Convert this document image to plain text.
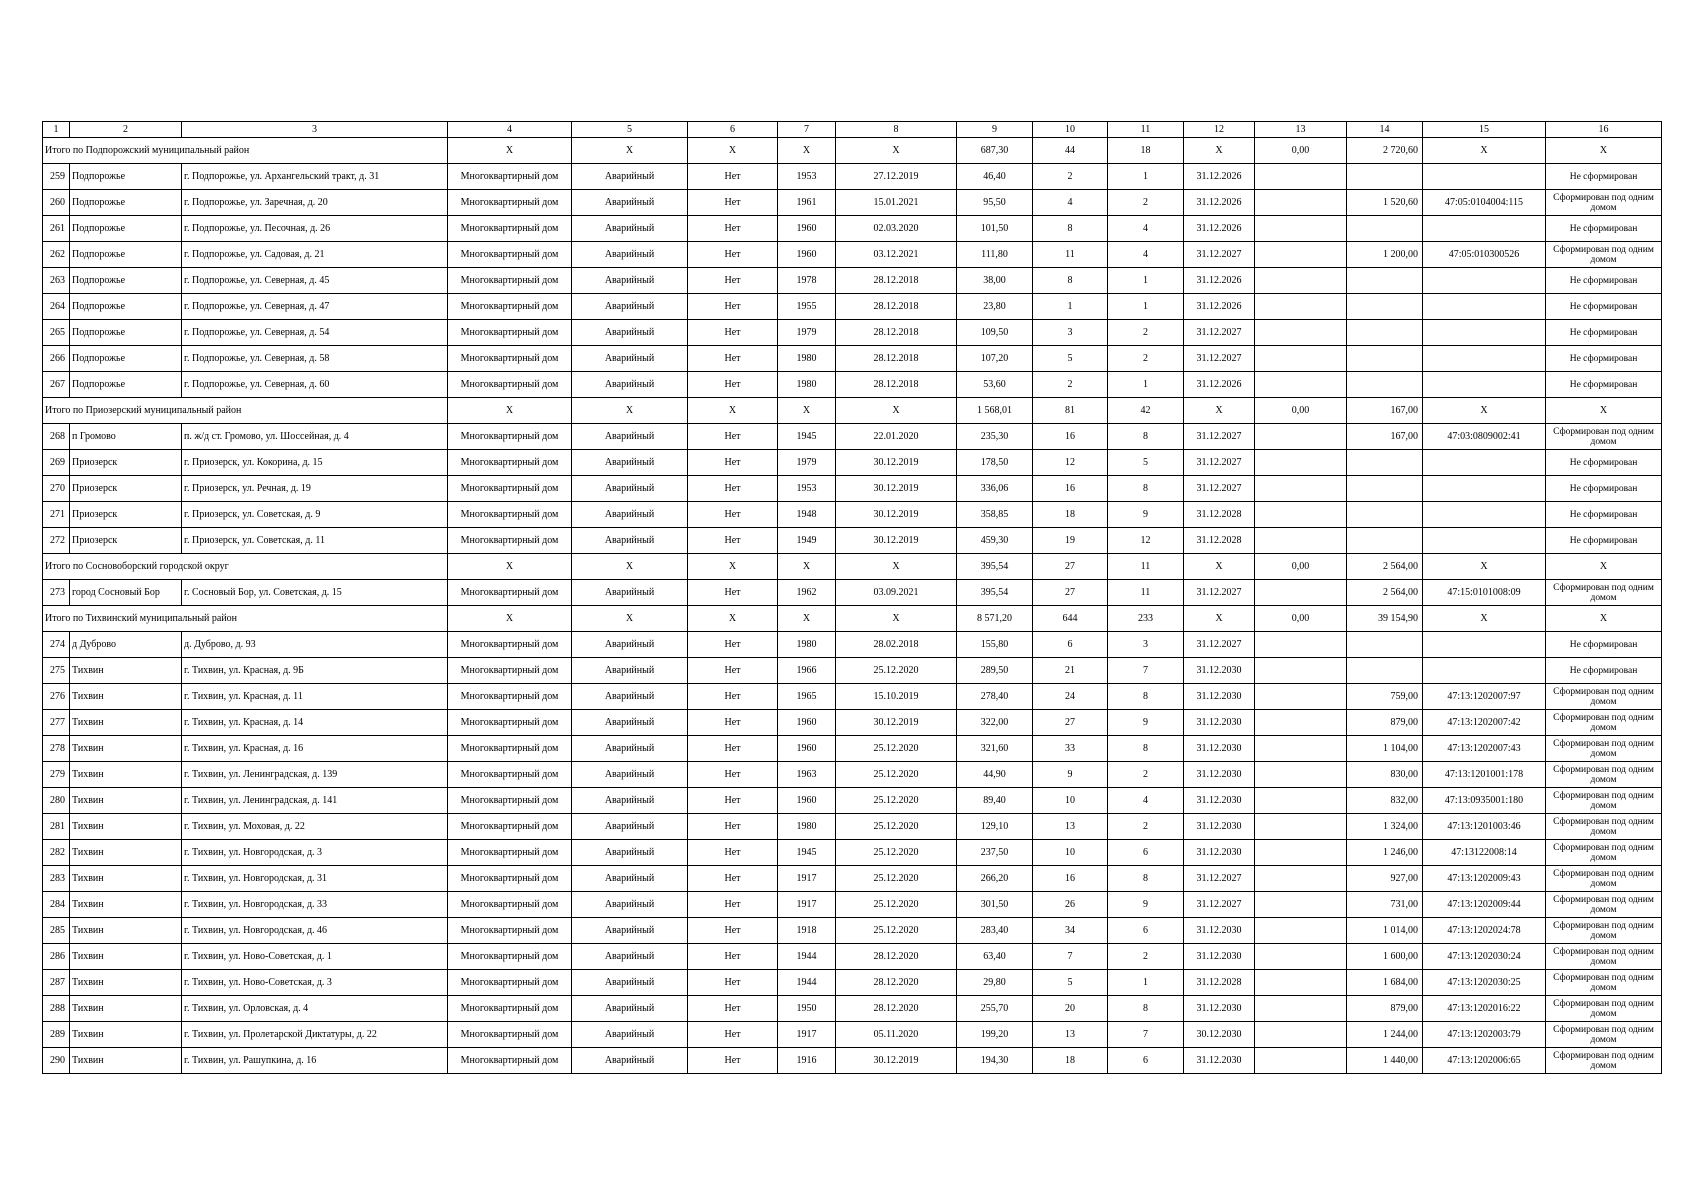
1	2	3	4	5	6	7	8	9	10	11	12	13	14	15	16
Итого по Подпорожский муниципальный район			X	X	X	X	X	687,30	44	18	X	0,00	2 720,60	X	X
259	Подпорожье	г. Подпорожье, ул. Архангельский тракт, д. 31	Многоквартирный дом	Аварийный	Нет	1953	27.12.2019	46,40	2	1	31.12.2026				Не сформирован
260	Подпорожье	г. Подпорожье, ул. Заречная, д. 20	Многоквартирный дом	Аварийный	Нет	1961	15.01.2021	95,50	4	2	31.12.2026		1 520,60	47:05:0104004:115	Сформирован под одним домом
261	Подпорожье	г. Подпорожье, ул. Песочная, д. 26	Многоквартирный дом	Аварийный	Нет	1960	02.03.2020	101,50	8	4	31.12.2026				Не сформирован
262	Подпорожье	г. Подпорожье, ул. Садовая, д. 21	Многоквартирный дом	Аварийный	Нет	1960	03.12.2021	111,80	11	4	31.12.2027		1 200,00	47:05:010300526	Сформирован под одним домом
263	Подпорожье	г. Подпорожье, ул. Северная, д. 45	Многоквартирный дом	Аварийный	Нет	1978	28.12.2018	38,00	8	1	31.12.2026				Не сформирован
264	Подпорожье	г. Подпорожье, ул. Северная, д. 47	Многоквартирный дом	Аварийный	Нет	1955	28.12.2018	23,80	1	1	31.12.2026				Не сформирован
265	Подпорожье	г. Подпорожье, ул. Северная, д. 54	Многоквартирный дом	Аварийный	Нет	1979	28.12.2018	109,50	3	2	31.12.2027				Не сформирован
266	Подпорожье	г. Подпорожье, ул. Северная, д. 58	Многоквартирный дом	Аварийный	Нет	1980	28.12.2018	107,20	5	2	31.12.2027				Не сформирован
267	Подпорожье	г. Подпорожье, ул. Северная, д. 60	Многоквартирный дом	Аварийный	Нет	1980	28.12.2018	53,60	2	1	31.12.2026				Не сформирован
Итого по Приозерский муниципальный район			X	X	X	X	X	1 568,01	81	42	X	0,00	167,00	X	X
268	п Громово	п. ж/д ст. Громово, ул. Шоссейная, д. 4	Многоквартирный дом	Аварийный	Нет	1945	22.01.2020	235,30	16	8	31.12.2027		167,00	47:03:0809002:41	Сформирован под одним домом
269	Приозерск	г. Приозерск, ул. Кокорина, д. 15	Многоквартирный дом	Аварийный	Нет	1979	30.12.2019	178,50	12	5	31.12.2027				Не сформирован
270	Приозерск	г. Приозерск, ул. Речная, д. 19	Многоквартирный дом	Аварийный	Нет	1953	30.12.2019	336,06	16	8	31.12.2027				Не сформирован
271	Приозерск	г. Приозерск, ул. Советская, д. 9	Многоквартирный дом	Аварийный	Нет	1948	30.12.2019	358,85	18	9	31.12.2028				Не сформирован
272	Приозерск	г. Приозерск, ул. Советская, д. 11	Многоквартирный дом	Аварийный	Нет	1949	30.12.2019	459,30	19	12	31.12.2028				Не сформирован
Итого по Сосновоборский городской округ			X	X	X	X	X	395,54	27	11	X	0,00	2 564,00	X	X
273	город Сосновый Бор	г. Сосновый Бор, ул. Советская, д. 15	Многоквартирный дом	Аварийный	Нет	1962	03.09.2021	395,54	27	11	31.12.2027		2 564,00	47:15:0101008:09	Сформирован под одним домом
Итого по Тихвинский муниципальный район			X	X	X	X	X	8 571,20	644	233	X	0,00	39 154,90	X	X
274	д Дуброво	д. Дуброво, д. 93	Многоквартирный дом	Аварийный	Нет	1980	28.02.2018	155,80	6	3	31.12.2027				Не сформирован
275	Тихвин	г. Тихвин, ул. Красная, д. 9Б	Многоквартирный дом	Аварийный	Нет	1966	25.12.2020	289,50	21	7	31.12.2030				Не сформирован
276	Тихвин	г. Тихвин, ул. Красная, д. 11	Многоквартирный дом	Аварийный	Нет	1965	15.10.2019	278,40	24	8	31.12.2030		759,00	47:13:1202007:97	Сформирован под одним домом
277	Тихвин	г. Тихвин, ул. Красная, д. 14	Многоквартирный дом	Аварийный	Нет	1960	30.12.2019	322,00	27	9	31.12.2030		879,00	47:13:1202007:42	Сформирован под одним домом
278	Тихвин	г. Тихвин, ул. Красная, д. 16	Многоквартирный дом	Аварийный	Нет	1960	25.12.2020	321,60	33	8	31.12.2030		1 104,00	47:13:1202007:43	Сформирован под одним домом
279	Тихвин	г. Тихвин, ул. Ленинградская, д. 139	Многоквартирный дом	Аварийный	Нет	1963	25.12.2020	44,90	9	2	31.12.2030		830,00	47:13:1201001:178	Сформирован под одним домом
280	Тихвин	г. Тихвин, ул. Ленинградская, д. 141	Многоквартирный дом	Аварийный	Нет	1960	25.12.2020	89,40	10	4	31.12.2030		832,00	47:13:0935001:180	Сформирован под одним домом
281	Тихвин	г. Тихвин, ул. Моховая, д. 22	Многоквартирный дом	Аварийный	Нет	1980	25.12.2020	129,10	13	2	31.12.2030		1 324,00	47:13:1201003:46	Сформирован под одним домом
282	Тихвин	г. Тихвин, ул. Новгородская, д. 3	Многоквартирный дом	Аварийный	Нет	1945	25.12.2020	237,50	10	6	31.12.2030		1 246,00	47:13122008:14	Сформирован под одним домом
283	Тихвин	г. Тихвин, ул. Новгородская, д. 31	Многоквартирный дом	Аварийный	Нет	1917	25.12.2020	266,20	16	8	31.12.2027		927,00	47:13:1202009:43	Сформирован под одним домом
284	Тихвин	г. Тихвин, ул. Новгородская, д. 33	Многоквартирный дом	Аварийный	Нет	1917	25.12.2020	301,50	26	9	31.12.2027		731,00	47:13:1202009:44	Сформирован под одним домом
285	Тихвин	г. Тихвин, ул. Новгородская, д. 46	Многоквартирный дом	Аварийный	Нет	1918	25.12.2020	283,40	34	6	31.12.2030		1 014,00	47:13:1202024:78	Сформирован под одним домом
286	Тихвин	г. Тихвин, ул. Ново-Советская, д. 1	Многоквартирный дом	Аварийный	Нет	1944	28.12.2020	63,40	7	2	31.12.2030		1 600,00	47:13:1202030:24	Сформирован под одним домом
287	Тихвин	г. Тихвин, ул. Ново-Советская, д. 3	Многоквартирный дом	Аварийный	Нет	1944	28.12.2020	29,80	5	1	31.12.2028		1 684,00	47:13:1202030:25	Сформирован под одним домом
288	Тихвин	г. Тихвин, ул. Орловская, д. 4	Многоквартирный дом	Аварийный	Нет	1950	28.12.2020	255,70	20	8	31.12.2030		879,00	47:13:1202016:22	Сформирован под одним домом
289	Тихвин	г. Тихвин, ул. Пролетарской Диктатуры, д. 22	Многоквартирный дом	Аварийный	Нет	1917	05.11.2020	199,20	13	7	30.12.2030		1 244,00	47:13:1202003:79	Сформирован под одним домом
290	Тихвин	г. Тихвин, ул. Рашупкина, д. 16	Многоквартирный дом	Аварийный	Нет	1916	30.12.2019	194,30	18	6	31.12.2030		1 440,00	47:13:1202006:65	Сформирован под одним домом
